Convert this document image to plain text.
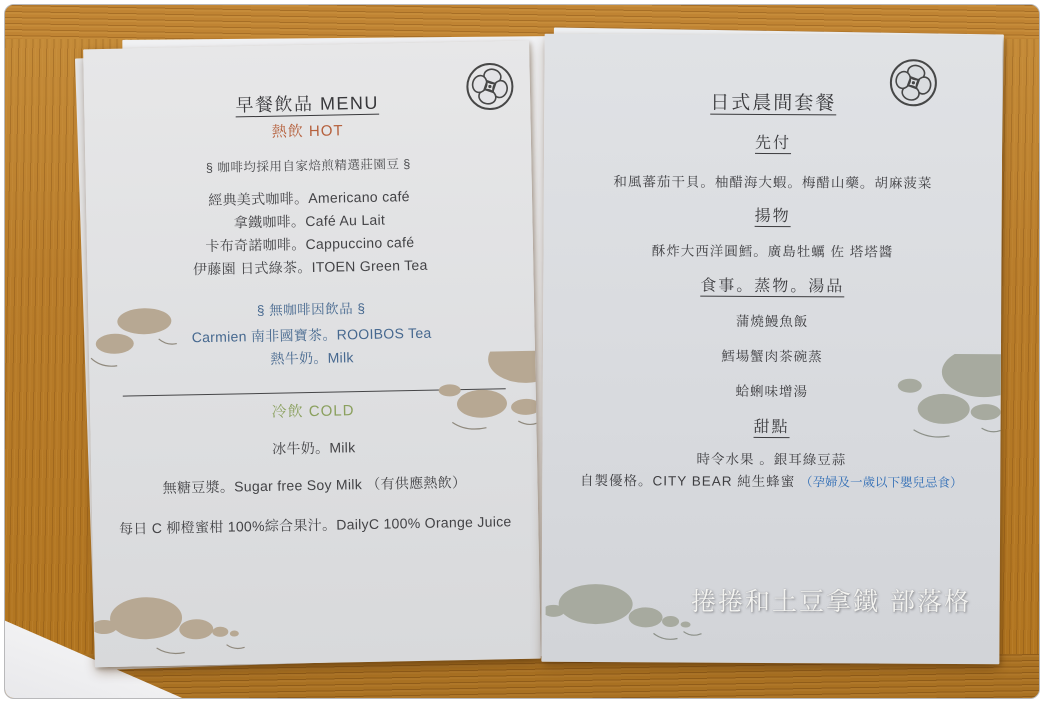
早餐飲品 MENU
熱飲 HOT
§ 咖啡均採用自家焙煎精選莊園豆 §
經典美式咖啡。Americano café
拿鐵咖啡。Café Au Lait
卡布奇諾咖啡。Cappuccino café
伊藤園 日式綠茶。ITOEN Green Tea
§ 無咖啡因飲品 §
Carmien 南非國寶茶。ROOIBOS Tea
熱牛奶。Milk
冷飲 COLD
冰牛奶。Milk
無糖豆漿。Sugar free Soy Milk （有供應熱飲）
每日 C 柳橙蜜柑 100%綜合果汁。DailyC 100% Orange Juice
日式晨間套餐
先付
和風蕃茄干貝。柚醋海大蝦。梅醋山藥。胡麻菠菜
揚物
酥炸大西洋圓鱈。廣島牡蠣 佐 塔塔醬
食事。蒸物。湯品
蒲燒鰻魚飯
鱈場蟹肉茶碗蒸
蛤蜊味增湯
甜點
時令水果 。銀耳綠豆蒜
自製優格。CITY BEAR 純生蜂蜜 （孕婦及一歲以下嬰兒忌食）
捲捲和土豆拿鐵 部落格
